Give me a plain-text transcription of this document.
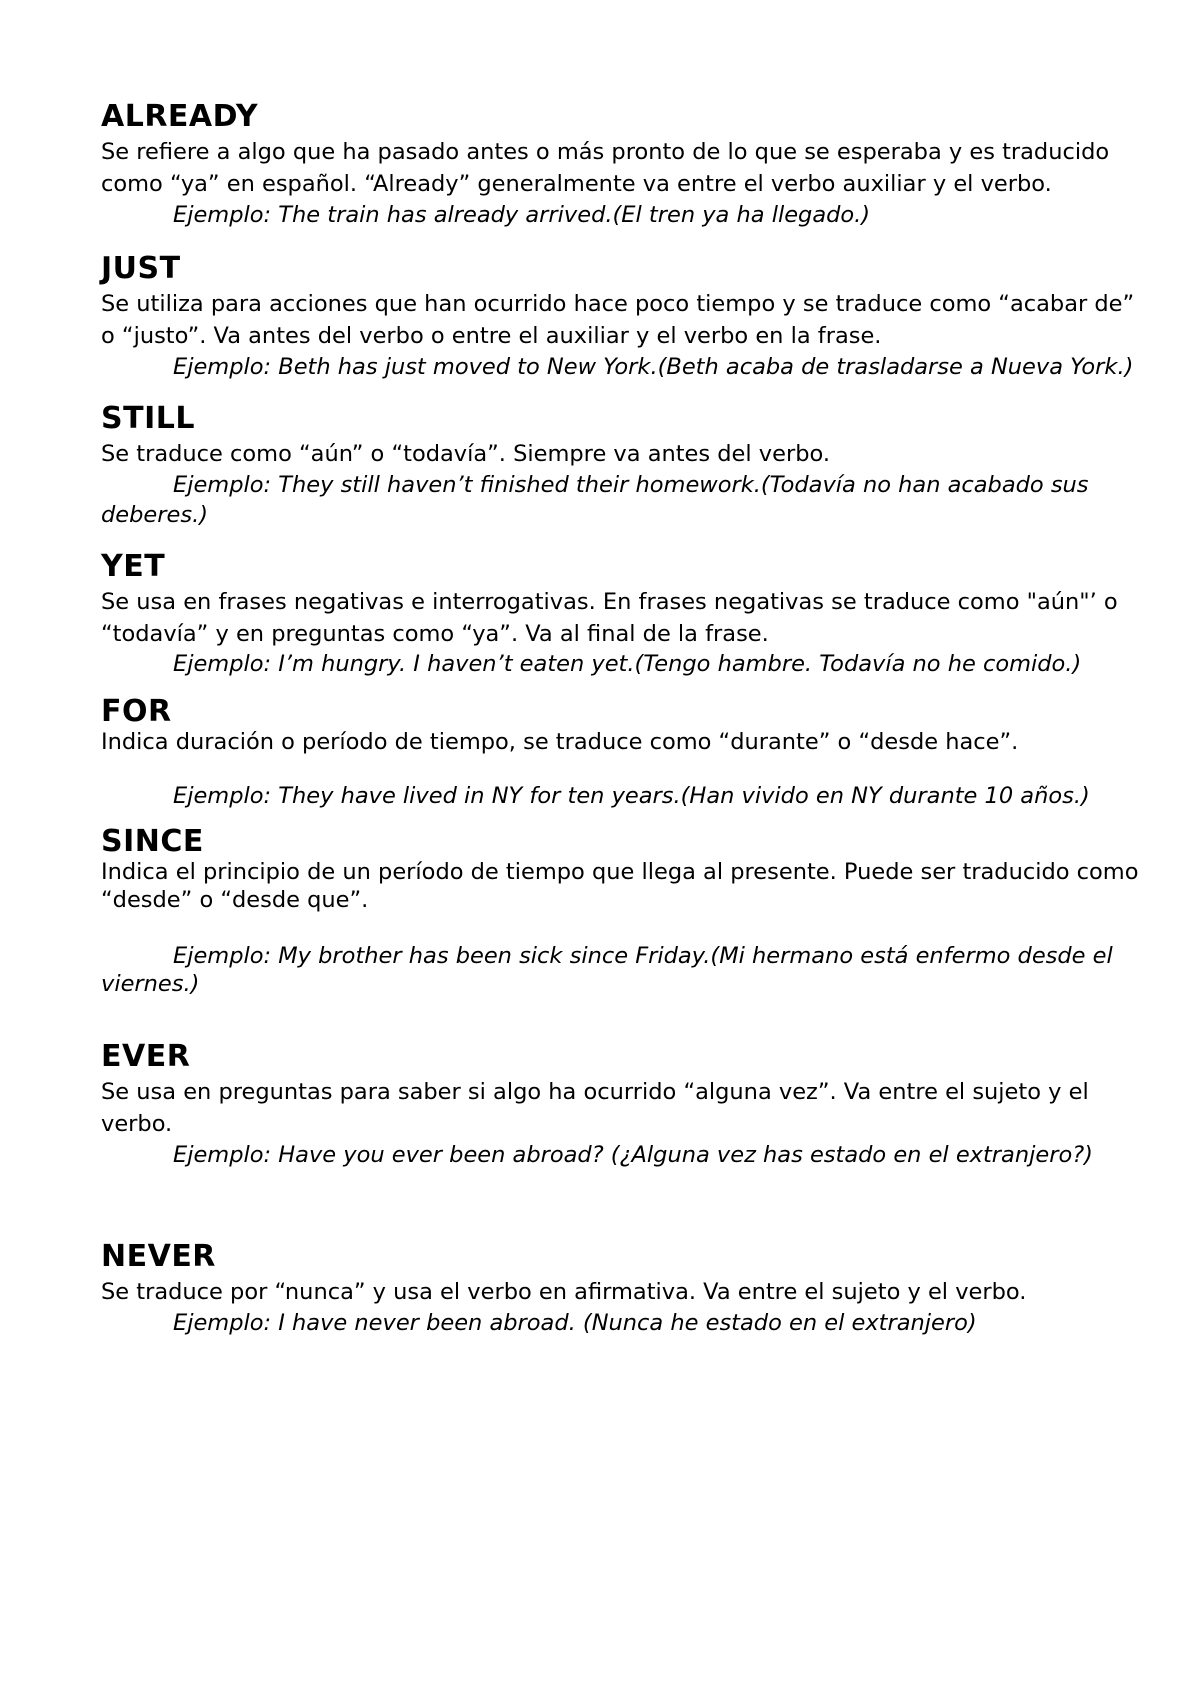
ALREADY

Se refiere a algo que ha pasado antes o más pronto de lo que se esperaba y es traducido como “ya” en español. “Already” generalmente va entre el verbo auxiliar y el verbo.

Ejemplo: The train has already arrived.(El tren ya ha llegado.)

JUST

Se utiliza para acciones que han ocurrido hace poco tiempo y se traduce como “acabar de” o “justo”. Va antes del verbo o entre el auxiliar y el verbo en la frase.

Ejemplo: Beth has just moved to New York.(Beth acaba de trasladarse a Nueva York.)

STILL

Se traduce como “aún” o “todavía”. Siempre va antes del verbo.

Ejemplo: They still haven’t finished their homework.(Todavía no han acabado sus deberes.)

YET

Se usa en frases negativas e interrogativas. En frases negativas se traduce como "aún"’ o “todavía” y en preguntas como “ya”. Va al final de la frase.

Ejemplo: I’m hungry. I haven’t eaten yet.(Tengo hambre. Todavía no he comido.)

FOR

Indica duración o período de tiempo, se traduce como “durante” o “desde hace”.

Ejemplo: They have lived in NY for ten years.(Han vivido en NY durante 10 años.)

SINCE

Indica el principio de un período de tiempo que llega al presente. Puede ser traducido como “desde” o “desde que”.

Ejemplo: My brother has been sick since Friday.(Mi hermano está enfermo desde el viernes.)

EVER

Se usa en preguntas para saber si algo ha ocurrido “alguna vez”. Va entre el sujeto y el verbo.

Ejemplo: Have you ever been abroad? (¿Alguna vez has estado en el extranjero?)

NEVER

Se traduce por “nunca” y usa el verbo en afirmativa. Va entre el sujeto y el verbo.

Ejemplo: I have never been abroad. (Nunca he estado en el extranjero)
